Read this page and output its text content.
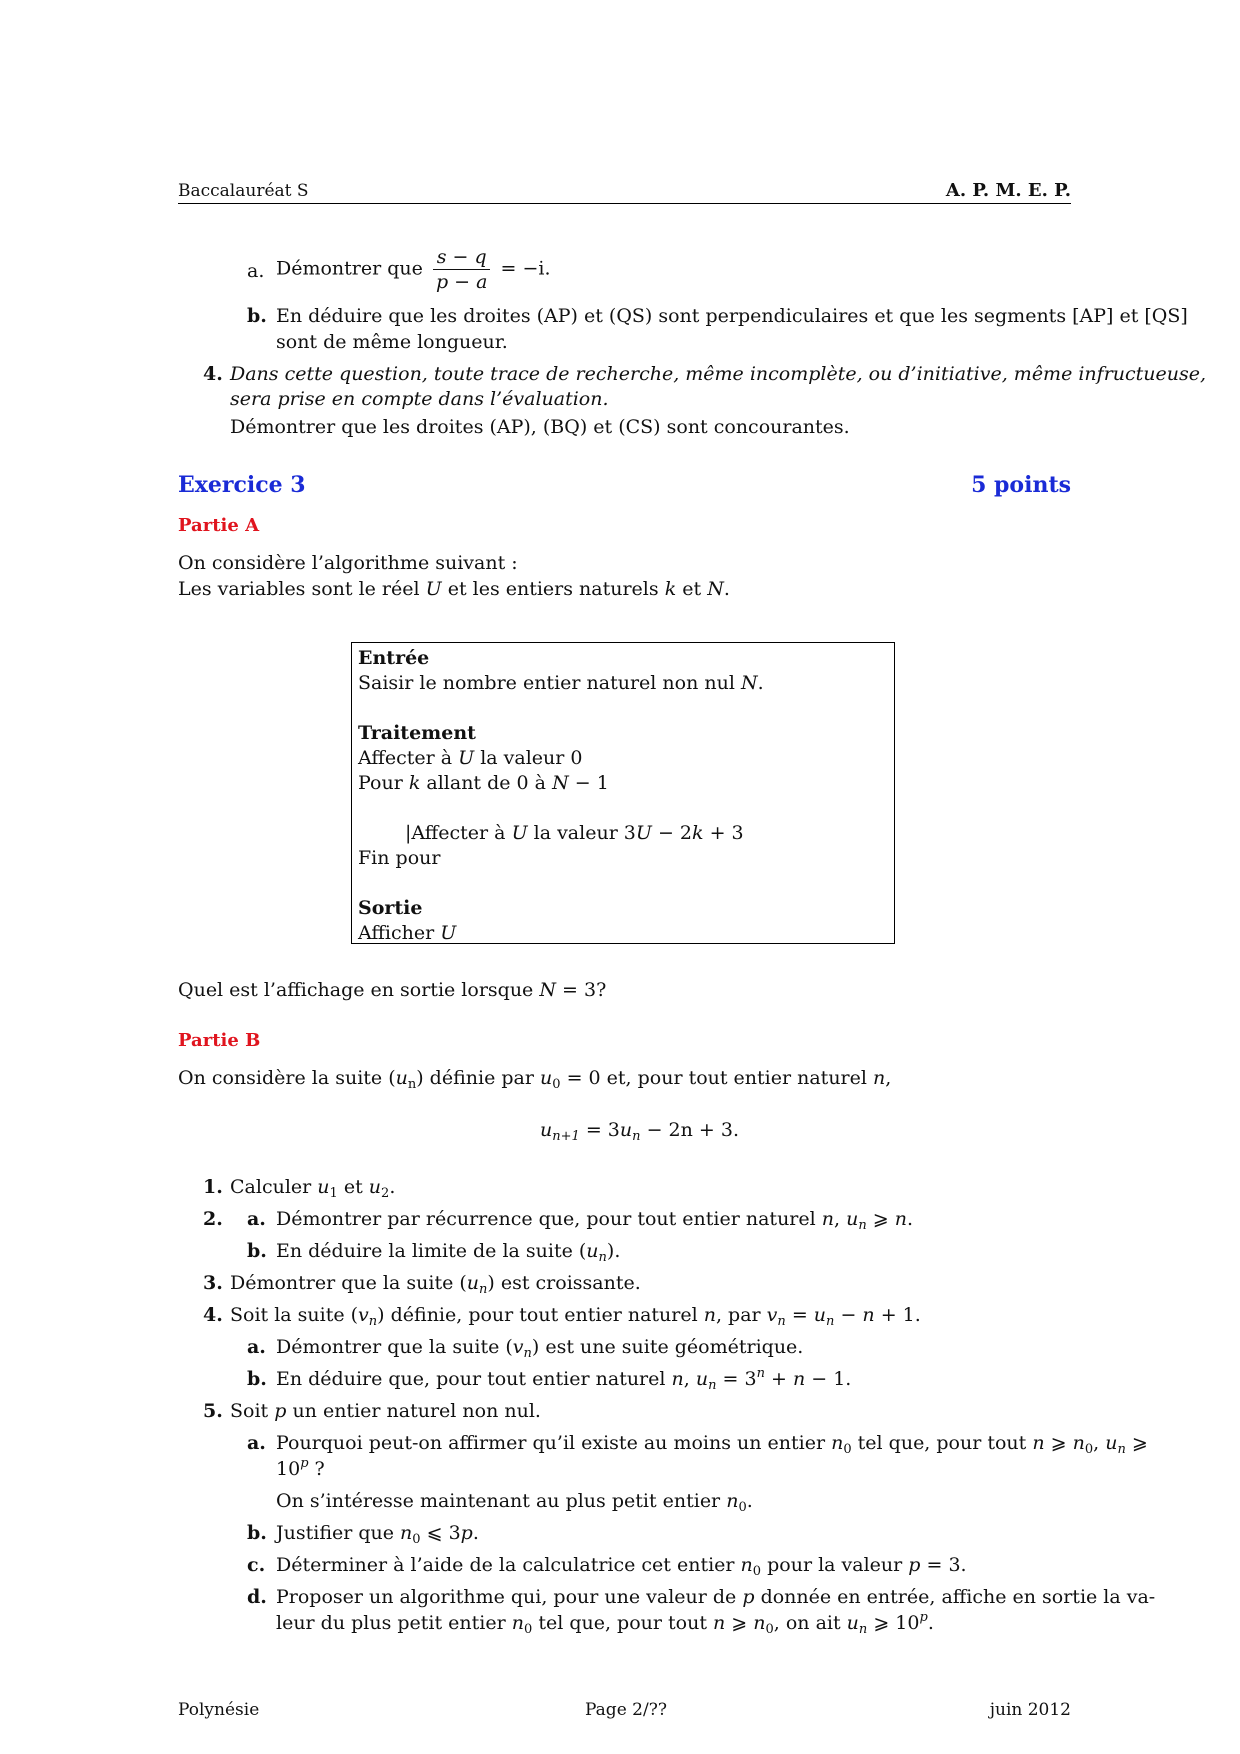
Baccalauréat S	A. P. M. E. P.
a. Démontrer que $\frac{s - q}{p - a} = -i$.
b. En déduire que les droites (AP) et (QS) sont perpendiculaires et que les segments [AP] et [QS]
sont de même longueur.
4. Dans cette question, toute trace de recherche, même incomplète, ou d’initiative, même infructueuse,
sera prise en compte dans l’évaluation.
Démontrer que les droites (AP), (BQ) et (CS) sont concourantes.
Exercice 3	5 points
Partie A
On considère l’algorithme suivant :
Les variables sont le réel U et les entiers naturels k et N.
Entrée
Saisir le nombre entier naturel non nul N.
Traitement
Affecter à U la valeur 0
Pour k allant de 0 à N − 1
|Affecter à U la valeur 3U − 2k + 3
Fin pour
Sortie
Afficher U
Quel est l’affichage en sortie lorsque N = 3?
Partie B
On considère la suite $(u_n)$ définie par $u_0 = 0$ et, pour tout entier naturel n,
$u_{n+1} = 3u_n - 2n + 3$.
1. Calculer $u_1$ et $u_2$.
2. a. Démontrer par récurrence que, pour tout entier naturel n, $u_n$ ⩾ n.
b. En déduire la limite de la suite $(u_n)$.
3. Démontrer que la suite $(u_n)$ est croissante.
4. Soit la suite $(v_n)$ définie, pour tout entier naturel n, par $v_n = u_n - n + 1$.
a. Démontrer que la suite $(v_n)$ est une suite géométrique.
b. En déduire que, pour tout entier naturel n, $u_n = 3^n + n - 1$.
5. Soit p un entier naturel non nul.
a. Pourquoi peut-on affirmer qu’il existe au moins un entier $n_0$ tel que, pour tout n ⩾ $n_0$, $u_n$ ⩾
10$^p$ ?
On s’intéresse maintenant au plus petit entier $n_0$.
b. Justifier que $n_0$ ⩽ 3p.
c. Déterminer à l’aide de la calculatrice cet entier $n_0$ pour la valeur p = 3.
d. Proposer un algorithme qui, pour une valeur de p donnée en entrée, affiche en sortie la va-
leur du plus petit entier $n_0$ tel que, pour tout n ⩾ $n_0$, on ait $u_n$ ⩾ 10$^p$.
Polynésie	Page 2/??	juin 2012
